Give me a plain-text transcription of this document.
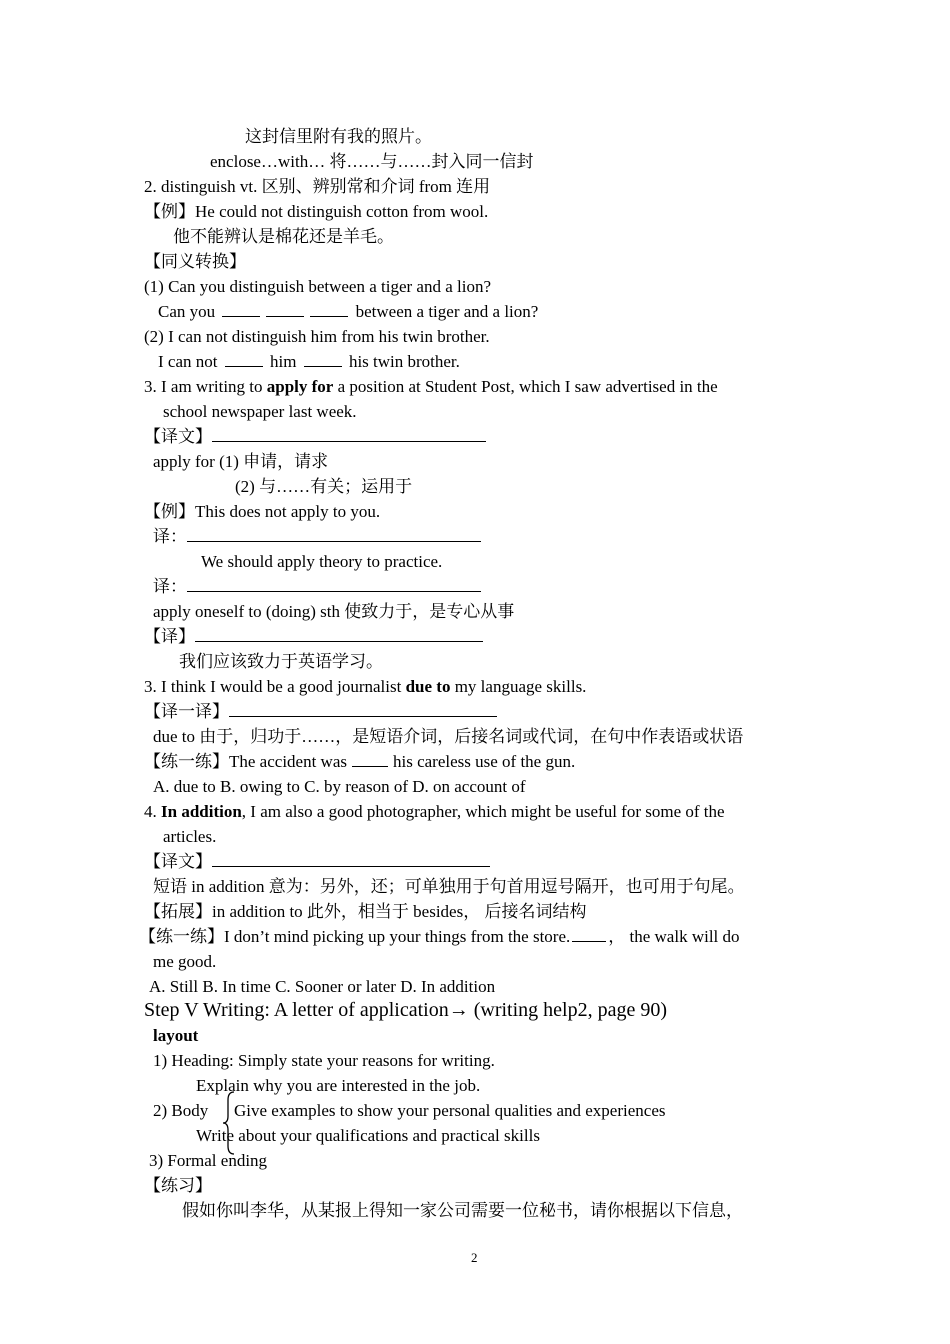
这封信里附有我的照片。
enclose…with… 将……与……封入同一信封
2. distinguish vt. 区别、辨别常和介词 from 连用
【例】He could not distinguish cotton from wool.
他不能辨认是棉花还是羊毛。
【同义转换】
(1) Can you distinguish between a tiger and a lion?
Can you	between a tiger and a lion?
(2) I can not distinguish him from his twin brother.
I can not	him	his twin brother.
3. I am writing to apply for a position at Student Post, which I saw advertised in the
school newspaper last week.
【译文】
apply for (1) 申请，请求
(2) 与……有关；运用于
【例】This does not apply to you.
译：
We should apply theory to practice.
译：
apply oneself to (doing) sth 使致力于，是专心从事
【译】
我们应该致力于英语学习。
3. I think I would be a good journalist due to my language skills.
【译一译】
due to 由于，归功于……，是短语介词，后接名词或代词，在句中作表语或状语
【练一练】The accident was	his careless use of the gun.
A. due to B. owing to C. by reason of D. on account of
4. In addition, I am also a good photographer, which might be useful for some of the
articles.
【译文】
短语 in addition 意为：另外，还；可单独用于句首用逗号隔开，也可用于句尾。
【拓展】in addition to 此外，相当于 besides， 后接名词结构
【练一练】I don’t mind picking up your things from the store. ， the walk will do
me good.
A. Still B. In time C. Sooner or later D. In addition
Step V Writing: A letter of application→ (writing help2, page 90)
layout
1) Heading: Simply state your reasons for writing.
Explain why you are interested in the job.
2) Body Give examples to show your personal qualities and experiences
Write about your qualifications and practical skills
3) Formal ending
【练习】
假如你叫李华，从某报上得知一家公司需要一位秘书，请你根据以下信息，
2
